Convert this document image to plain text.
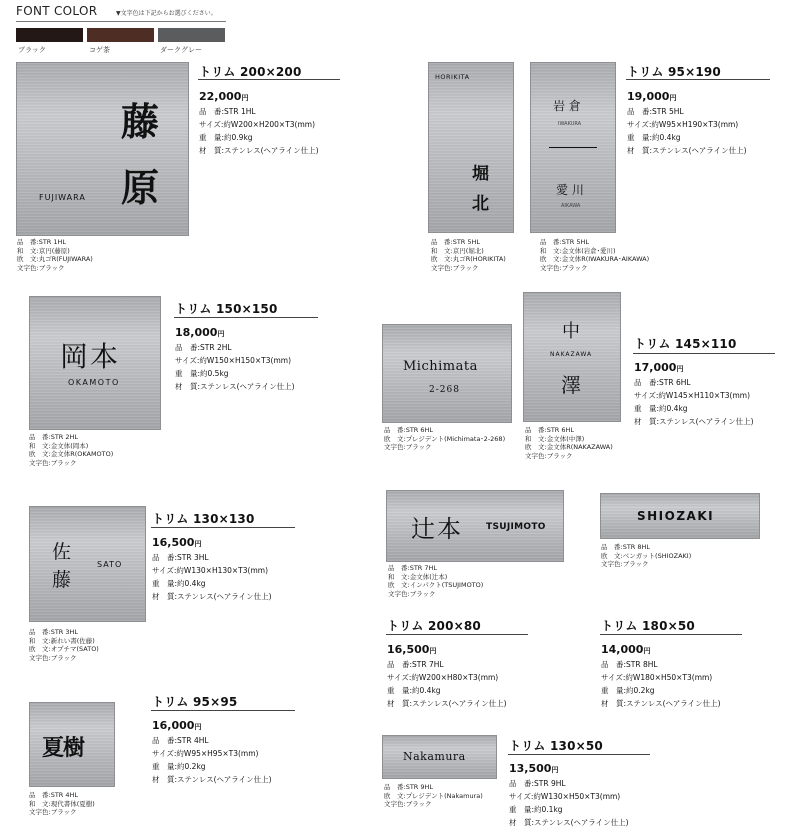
FONT COLOR	▼文字色は下記からお選びください。
ブラック	コゲ茶	ダークグレー
藤
原
FUJIWARA
品　番:STR 1HL
和　文:京円(藤原)
欧　文:丸ゴR(FUJIWARA)
文字色:ブラック
トリム 200×200
22,000円
品　番:STR 1HL
サイズ:約W200×H200×T3(mm)
重　量:約0.9kg
材　質:ステンレス(ヘアライン仕上)
HORIKITA
堀
北
岩 倉
IWAKURA
愛 川
AIKAWA
品　番:STR 5HL
和　文:京円(堀北)
欧　文:丸ゴR(HORIKITA)
文字色:ブラック
品　番:STR 5HL
和　文:金文体(岩倉･愛川)
欧　文:金文体R(IWAKURA･AIKAWA)
文字色:ブラック
トリム 95×190
19,000円
品　番:STR 5HL
サイズ:約W95×H190×T3(mm)
重　量:約0.4kg
材　質:ステンレス(ヘアライン仕上)
岡本
OKAMOTO
品　番:STR 2HL
和　文:金文体(岡本)
欧　文:金文体R(OKAMOTO)
文字色:ブラック
トリム 150×150
18,000円
品　番:STR 2HL
サイズ:約W150×H150×T3(mm)
重　量:約0.5kg
材　質:ステンレス(ヘアライン仕上)
Michimata
2-268
中
NAKAZAWA
澤
品　番:STR 6HL
欧　文:プレジデント(Michimata･2-268)
文字色:ブラック
品　番:STR 6HL
和　文:金文体(中澤)
欧　文:金文体R(NAKAZAWA)
文字色:ブラック
トリム 145×110
17,000円
品　番:STR 6HL
サイズ:約W145×H110×T3(mm)
重　量:約0.4kg
材　質:ステンレス(ヘアライン仕上)
佐
藤
SATO
品　番:STR 3HL
和　文:新れい書(佐藤)
欧　文:オプチマ(SATO)
文字色:ブラック
トリム 130×130
16,500円
品　番:STR 3HL
サイズ:約W130×H130×T3(mm)
重　量:約0.4kg
材　質:ステンレス(ヘアライン仕上)
辻本	TSUJIMOTO
品　番:STR 7HL
和　文:金文体(辻本)
欧　文:インパクト(TSUJIMOTO)
文字色:ブラック
トリム 200×80
16,500円
品　番:STR 7HL
サイズ:約W200×H80×T3(mm)
重　量:約0.4kg
材　質:ステンレス(ヘアライン仕上)
SHIOZAKI
品　番:STR 8HL
欧　文:ベンガット(SHIOZAKI)
文字色:ブラック
トリム 180×50
14,000円
品　番:STR 8HL
サイズ:約W180×H50×T3(mm)
重　量:約0.2kg
材　質:ステンレス(ヘアライン仕上)
夏樹
品　番:STR 4HL
和　文:現代書体(夏樹)
文字色:ブラック
トリム 95×95
16,000円
品　番:STR 4HL
サイズ:約W95×H95×T3(mm)
重　量:約0.2kg
材　質:ステンレス(ヘアライン仕上)
Nakamura
品　番:STR 9HL
欧　文:プレジデント(Nakamura)
文字色:ブラック
トリム 130×50
13,500円
品　番:STR 9HL
サイズ:約W130×H50×T3(mm)
重　量:約0.1kg
材　質:ステンレス(ヘアライン仕上)
